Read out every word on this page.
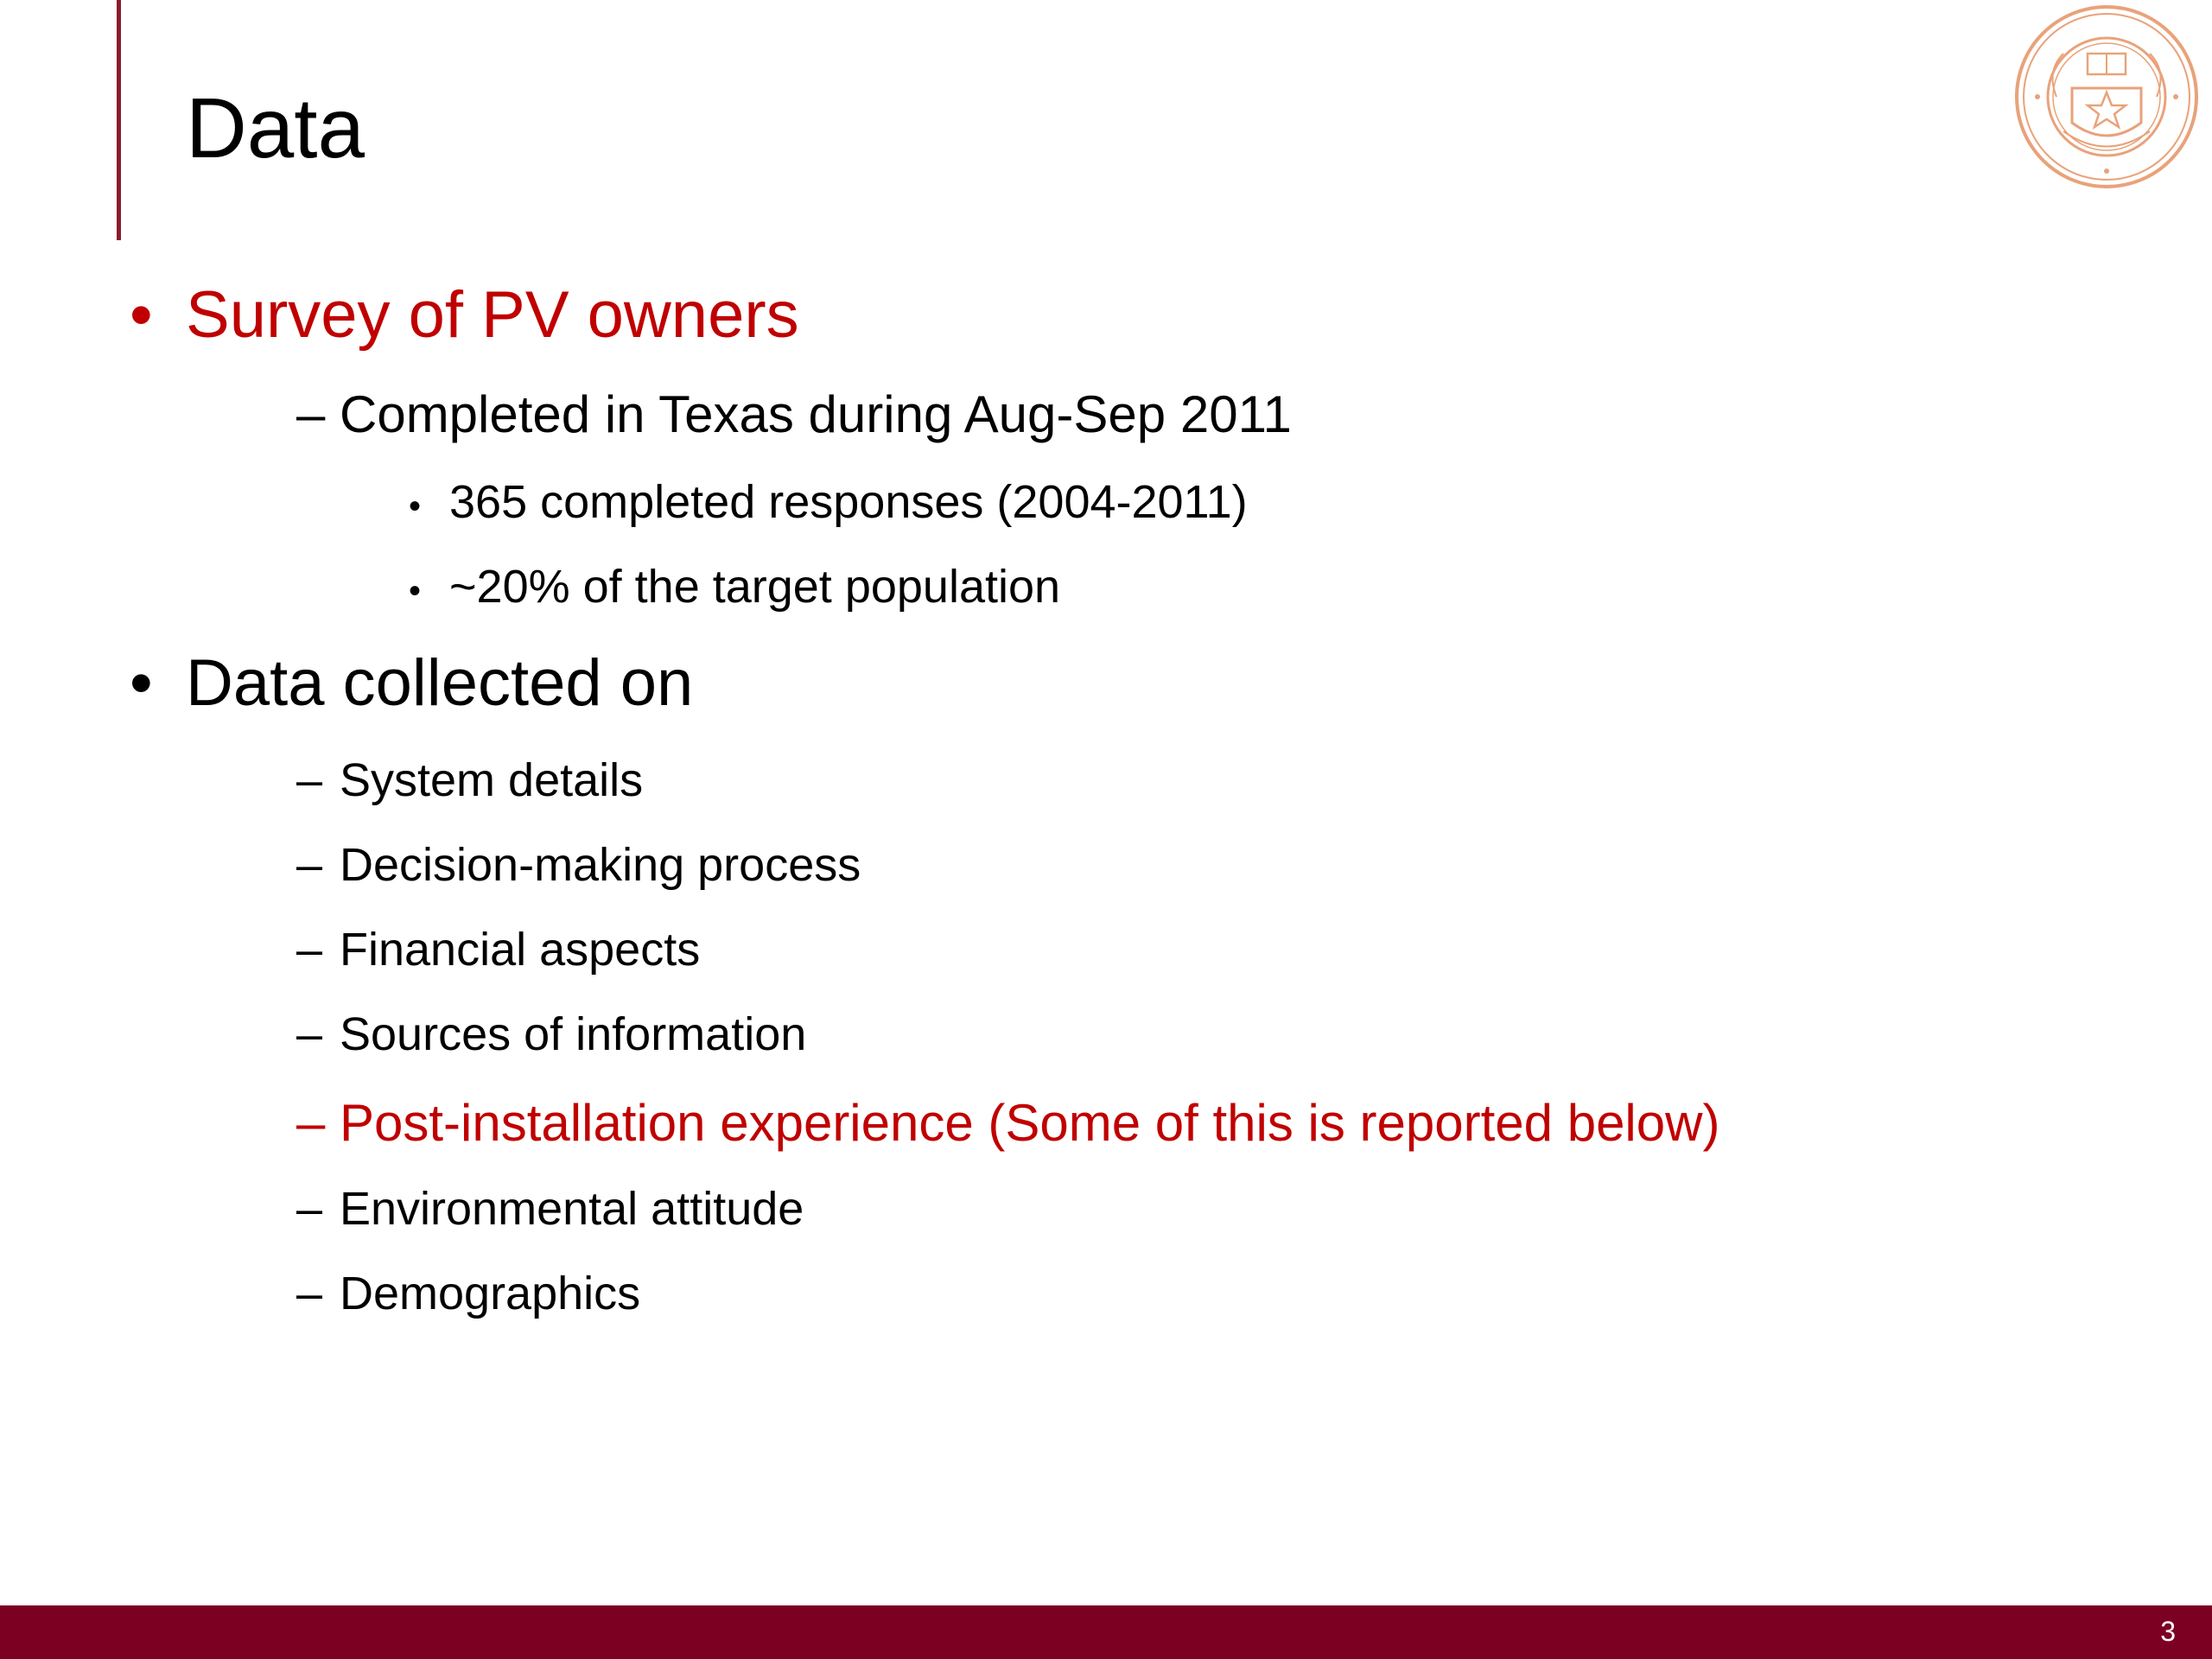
Data
• Survey of PV owners
– Completed in Texas during Aug-Sep 2011
• 365 completed responses (2004-2011)
• ~20% of the target population
• Data collected on
– System details
– Decision-making process
– Financial aspects
– Sources of information
– Post-installation experience (Some of this is reported below)
– Environmental attitude
– Demographics
3
